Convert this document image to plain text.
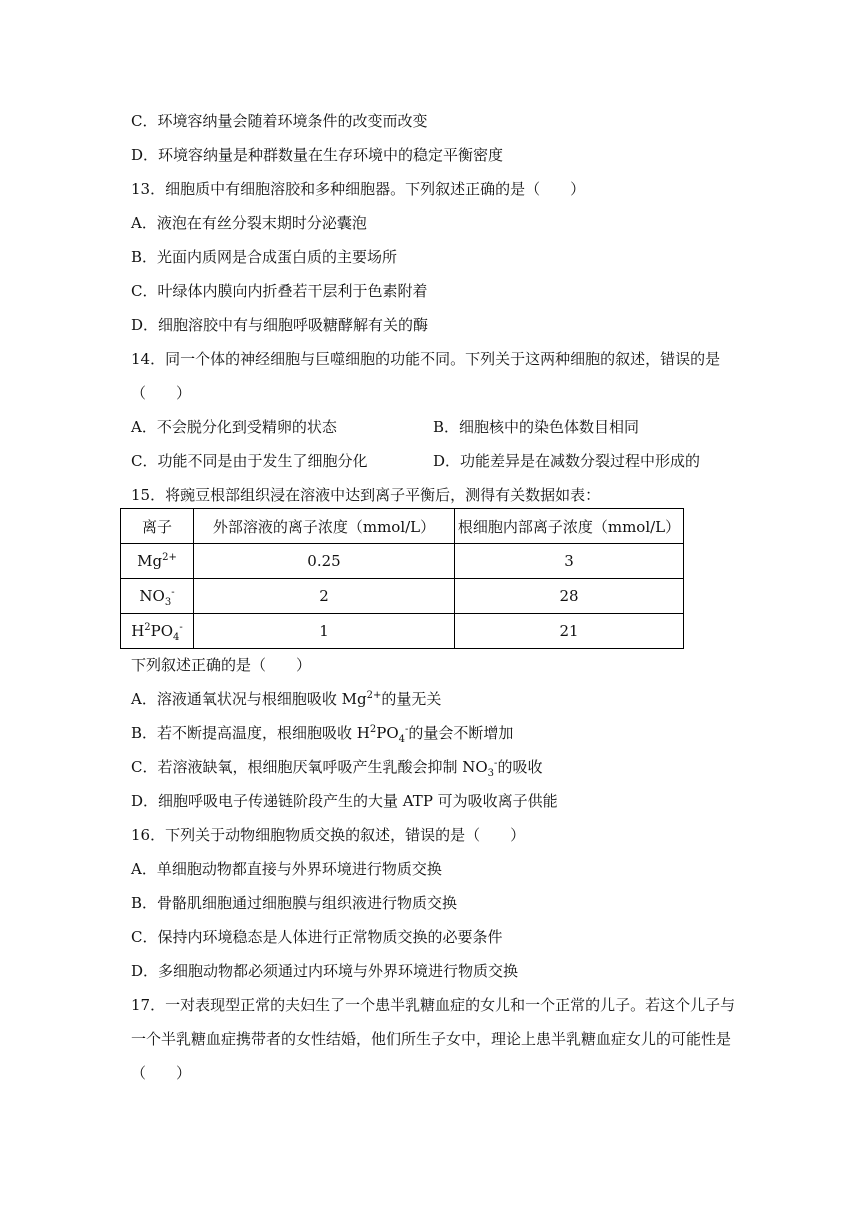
C．环境容纳量会随着环境条件的改变而改变
D．环境容纳量是种群数量在生存环境中的稳定平衡密度
13．细胞质中有细胞溶胶和多种细胞器。下列叙述正确的是（　　）
A．液泡在有丝分裂末期时分泌囊泡
B．光面内质网是合成蛋白质的主要场所
C．叶绿体内膜向内折叠若干层利于色素附着
D．细胞溶胶中有与细胞呼吸糖酵解有关的酶
14．同一个体的神经细胞与巨噬细胞的功能不同。下列关于这两种细胞的叙述，错误的是
（　　）
A．不会脱分化到受精卵的状态	B．细胞核中的染色体数目相同
C．功能不同是由于发生了细胞分化	D．功能差异是在减数分裂过程中形成的
15．将豌豆根部组织浸在溶液中达到离子平衡后，测得有关数据如表：
离子	外部溶液的离子浓度（mmol/L）	根细胞内部离子浓度（mmol/L）
$Mg^{2+}$	0.25	3
$NO_3^-$	2	28
$H^2PO_4^-$	1	21
下列叙述正确的是（　　）
A．溶液通氧状况与根细胞吸收 $Mg^{2+}$的量无关
B．若不断提高温度，根细胞吸收 $H^2PO_4^-$的量会不断增加
C．若溶液缺氧，根细胞厌氧呼吸产生乳酸会抑制 $NO_3^-$的吸收
D．细胞呼吸电子传递链阶段产生的大量 ATP 可为吸收离子供能
16．下列关于动物细胞物质交换的叙述，错误的是（　　）
A．单细胞动物都直接与外界环境进行物质交换
B．骨骼肌细胞通过细胞膜与组织液进行物质交换
C．保持内环境稳态是人体进行正常物质交换的必要条件
D．多细胞动物都必须通过内环境与外界环境进行物质交换
17．一对表现型正常的夫妇生了一个患半乳糖血症的女儿和一个正常的儿子。若这个儿子与
一个半乳糖血症携带者的女性结婚，他们所生子女中，理论上患半乳糖血症女儿的可能性是
（　　）
